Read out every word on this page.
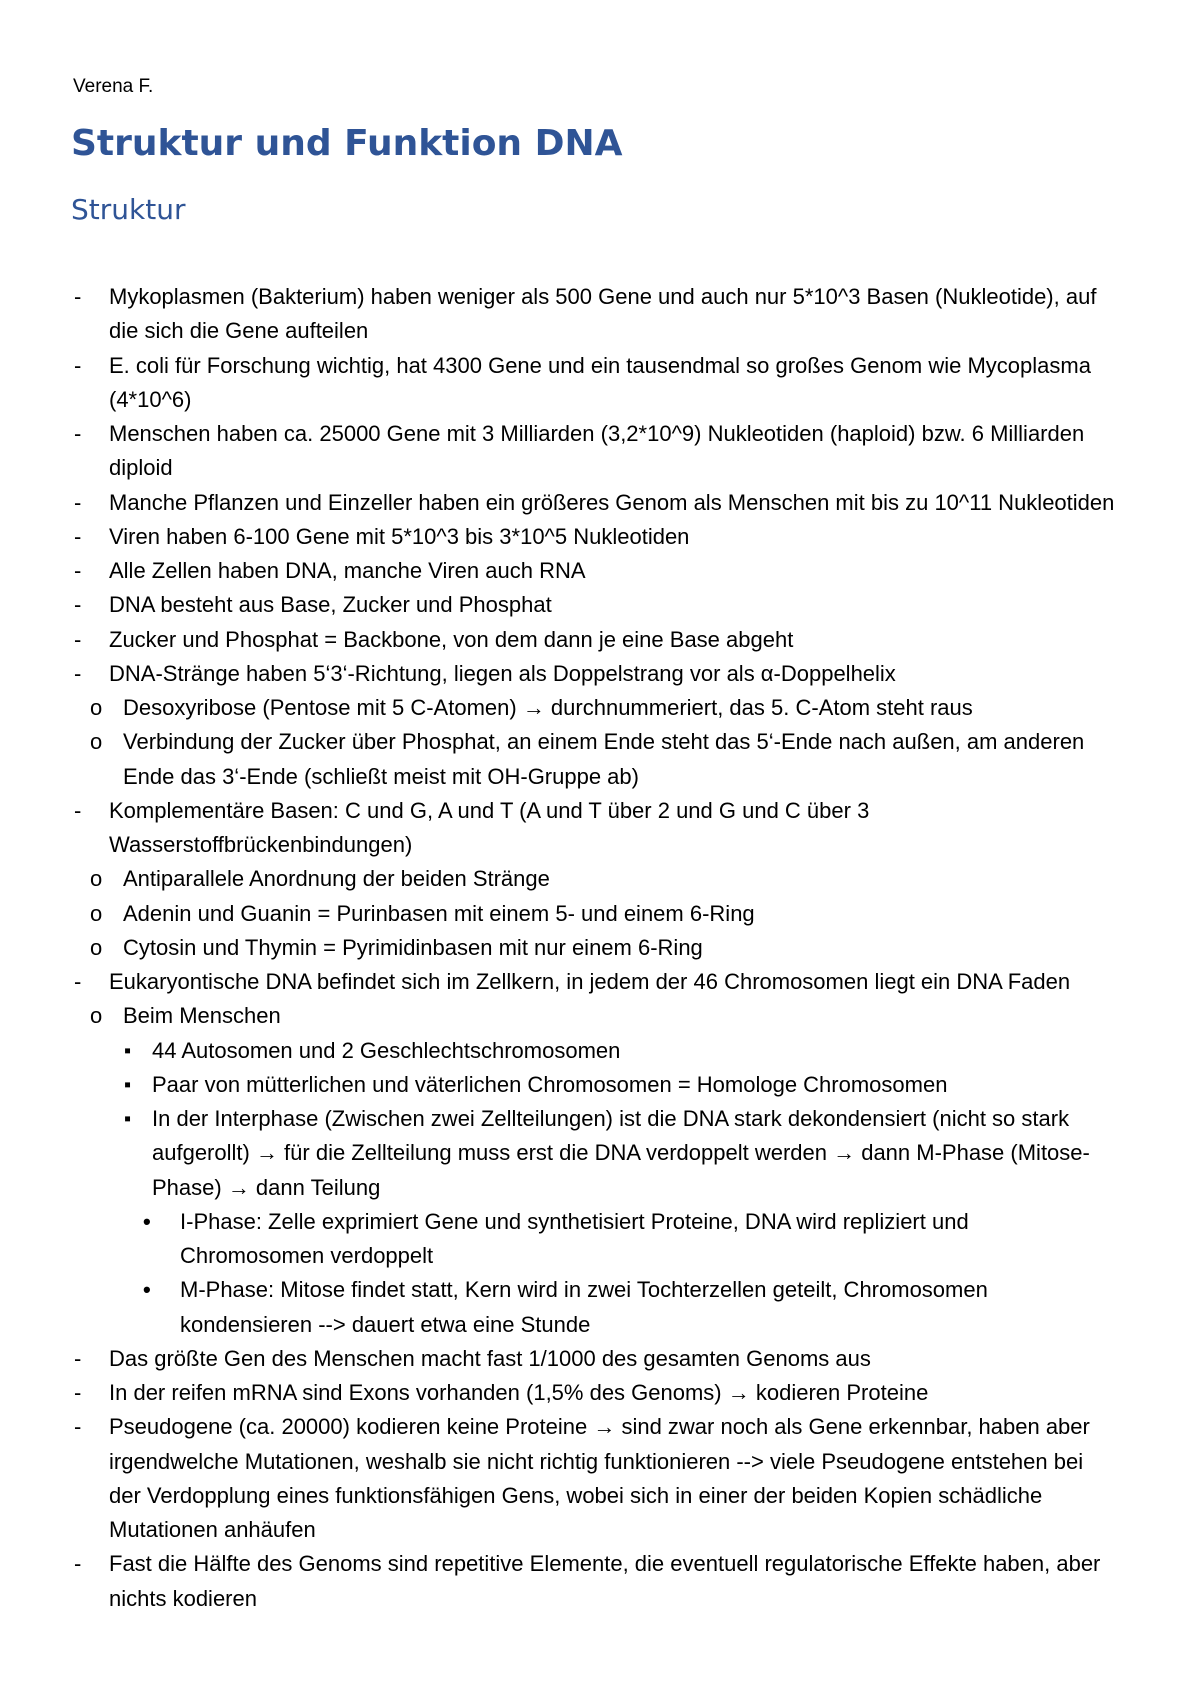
Verena F.
Struktur und Funktion DNA
Struktur
- Mykoplasmen (Bakterium) haben weniger als 500 Gene und auch nur 5*10^3 Basen (Nukleotide), auf
die sich die Gene aufteilen
- E. coli für Forschung wichtig, hat 4300 Gene und ein tausendmal so großes Genom wie Mycoplasma
(4*10^6)
- Menschen haben ca. 25000 Gene mit 3 Milliarden (3,2*10^9) Nukleotiden (haploid) bzw. 6 Milliarden
diploid
- Manche Pflanzen und Einzeller haben ein größeres Genom als Menschen mit bis zu 10^11 Nukleotiden
- Viren haben 6-100 Gene mit 5*10^3 bis 3*10^5 Nukleotiden
- Alle Zellen haben DNA, manche Viren auch RNA
- DNA besteht aus Base, Zucker und Phosphat
- Zucker und Phosphat = Backbone, von dem dann je eine Base abgeht
- DNA-Stränge haben 5‘3‘-Richtung, liegen als Doppelstrang vor als α-Doppelhelix
o Desoxyribose (Pentose mit 5 C-Atomen) → durchnummeriert, das 5. C-Atom steht raus
o Verbindung der Zucker über Phosphat, an einem Ende steht das 5‘-Ende nach außen, am anderen
Ende das 3‘-Ende (schließt meist mit OH-Gruppe ab)
- Komplementäre Basen: C und G, A und T (A und T über 2 und G und C über 3
Wasserstoffbrückenbindungen)
o Antiparallele Anordnung der beiden Stränge
o Adenin und Guanin = Purinbasen mit einem 5- und einem 6-Ring
o Cytosin und Thymin = Pyrimidinbasen mit nur einem 6-Ring
- Eukaryontische DNA befindet sich im Zellkern, in jedem der 46 Chromosomen liegt ein DNA Faden
o Beim Menschen
▪ 44 Autosomen und 2 Geschlechtschromosomen
▪ Paar von mütterlichen und väterlichen Chromosomen = Homologe Chromosomen
▪ In der Interphase (Zwischen zwei Zellteilungen) ist die DNA stark dekondensiert (nicht so stark
aufgerollt) → für die Zellteilung muss erst die DNA verdoppelt werden → dann M-Phase (Mitose-
Phase) → dann Teilung
• I-Phase: Zelle exprimiert Gene und synthetisiert Proteine, DNA wird repliziert und
Chromosomen verdoppelt
• M-Phase: Mitose findet statt, Kern wird in zwei Tochterzellen geteilt, Chromosomen
kondensieren --> dauert etwa eine Stunde
- Das größte Gen des Menschen macht fast 1/1000 des gesamten Genoms aus
- In der reifen mRNA sind Exons vorhanden (1,5% des Genoms) → kodieren Proteine
- Pseudogene (ca. 20000) kodieren keine Proteine → sind zwar noch als Gene erkennbar, haben aber
irgendwelche Mutationen, weshalb sie nicht richtig funktionieren --> viele Pseudogene entstehen bei
der Verdopplung eines funktionsfähigen Gens, wobei sich in einer der beiden Kopien schädliche
Mutationen anhäufen
- Fast die Hälfte des Genoms sind repetitive Elemente, die eventuell regulatorische Effekte haben, aber
nichts kodieren
